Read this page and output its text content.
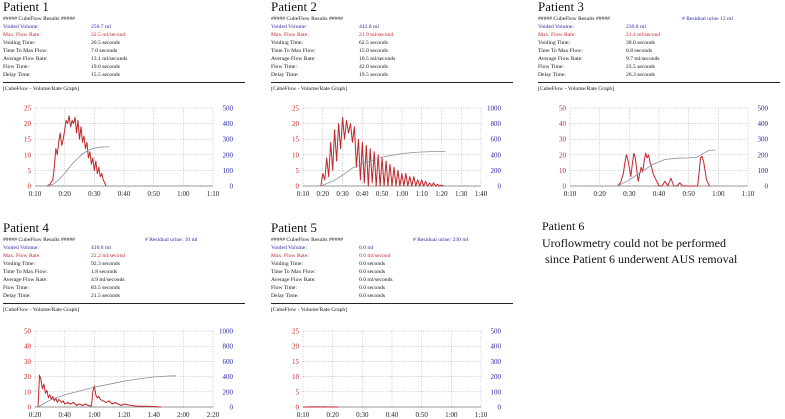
Patient 1
##### CubeFlow Results #####
Voided Volume:	250.7 ml
Max. Flow Rate:	22.5 ml/second
Voiding Time:	20.5 seconds
Time To Max Flow:	7.0 seconds
Average Flow Rate:	13.1 ml/seconds
Flow Time:	19.0 seconds
Delay Time:	15.5 seconds
[CubeFlow - Volume/Rate Graph]
0:10 0:20 0:30 0:40 0:50 1:00 1:10
0	0
5	100
10	200
15	300
20	400
25	500
Patient 2
##### CubeFlow Results #####
Voided Volume:	442.8 ml
Max. Flow Rate:	21.9 ml/second
Voiding Time:	62.5 seconds
Time To Max Flow:	15.0 seconds
Average Flow Rate:	10.5 ml/seconds
Flow Time:	42.0 seconds
Delay Time:	19.5 seconds
[CubeFlow - Volume/Rate Graph]
0:10 0:20 0:30 0:40 0:50 1:00 1:10 1:20 1:30 1:40
0	0
5	200
10	400
15	600
20	800
25	1000
Patient 3
##### CubeFlow Results #####	# Residual urine 12 ml
Voided Volume:	230.8 ml
Max. Flow Rate:	21.4 ml/second
Voiding Time:	30.0 seconds
Time To Max Flow:	8.8 seconds
Average Flow Rate:	9.7 ml/seconds
Flow Time:	23.5 seconds
Delay Time:	26.3 seconds
[CubeFlow - Volume/Rate Graph]
0:10 0:20 0:30 0:40 0:50 1:00 1:10
0	0
10	100
20	200
30	300
40	400
50	500
Patient 4
##### CubeFlow Results #####	# Residual urine: 10 ml
Voided Volume:	410.6 ml
Max. Flow Rate:	22.2 ml/second
Voiding Time:	92.3 seconds
Time To Max Flow:	1.8 seconds
Average Flow Rate:	4.9 ml/seconds
Flow Time:	83.5 seconds
Delay Time:	21.5 seconds
[CubeFlow - Volume/Rate Graph]
0:20 0:40 1:00 1:20 1:40 2:00 2:20
0	0
10	200
20	400
30	600
40	800
50	1000
Patient 5
##### CubeFlow Results #####	# Residual urine: 230 ml
Voided Volume:	0.0 ml
Max. Flow Rate:	0.0 ml/second
Voiding Time:	0.0 seconds
Time To Max Flow:	0.0 seconds
Average Flow Rate:	0.0 ml/seconds
Flow Time:	0.0 seconds
Delay Time:	0.0 seconds
[CubeFlow - Volume/Rate Graph]
0:10 0:20 0:30 0:40 0:50 1:00 1:10
0	0
5	100
10	200
15	300
20	400
25	500
Patient 6
Uroflowmetry could not be performed
since Patient 6 underwent AUS removal
